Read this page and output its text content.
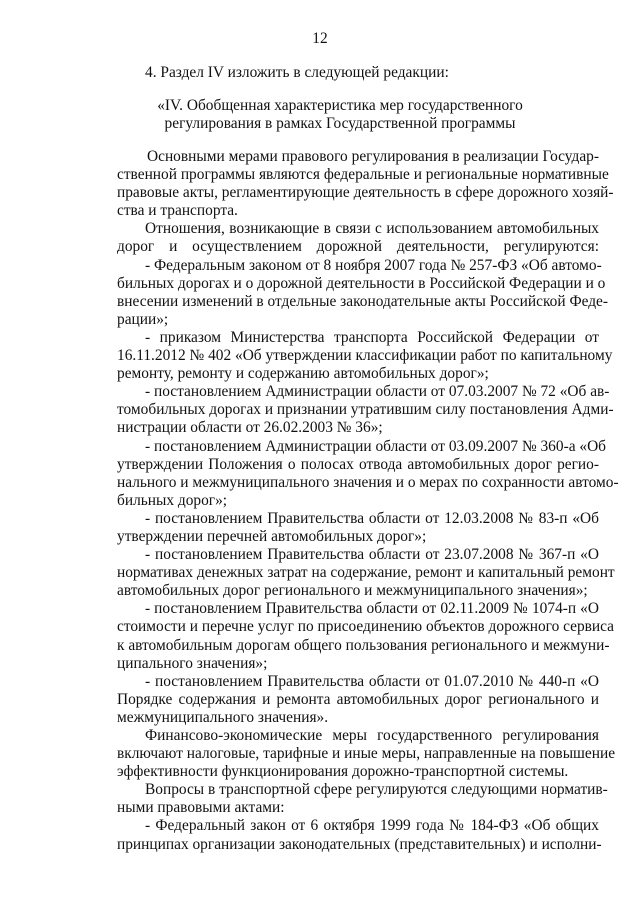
12
4. Раздел IV изложить в следующей редакции:
«IV. Обобщенная характеристика мер государственного
регулирования в рамках Государственной программы
Основными мерами правового регулирования в реализации Государ-
ственной программы являются федеральные и региональные нормативные
правовые акты, регламентирующие деятельность в сфере дорожного хозяй-
ства и транспорта.
Отношения, возникающие в связи с использованием автомобильных
дорог и осуществлением дорожной деятельности, регулируются:
- Федеральным законом от 8 ноября 2007 года № 257-ФЗ «Об автомо-
бильных дорогах и о дорожной деятельности в Российской Федерации и о
внесении изменений в отдельные законодательные акты Российской Феде-
рации»;
- приказом Министерства транспорта Российской Федерации от
16.11.2012 № 402 «Об утверждении классификации работ по капитальному
ремонту, ремонту и содержанию автомобильных дорог»;
- постановлением Администрации области от 07.03.2007 № 72 «Об ав-
томобильных дорогах и признании утратившим силу постановления Адми-
нистрации области от 26.02.2003 № 36»;
- постановлением Администрации области от 03.09.2007 № 360-а «Об
утверждении Положения о полосах отвода автомобильных дорог регио-
нального и межмуниципального значения и о мерах по сохранности автомо-
бильных дорог»;
- постановлением Правительства области от 12.03.2008 № 83-п «Об
утверждении перечней автомобильных дорог»;
- постановлением Правительства области от 23.07.2008 № 367-п «О
нормативах денежных затрат на содержание, ремонт и капитальный ремонт
автомобильных дорог регионального и межмуниципального значения»;
- постановлением Правительства области от 02.11.2009 № 1074-п «О
стоимости и перечне услуг по присоединению объектов дорожного сервиса
к автомобильным дорогам общего пользования регионального и межмуни-
ципального значения»;
- постановлением Правительства области от 01.07.2010 № 440-п «О
Порядке содержания и ремонта автомобильных дорог регионального и
межмуниципального значения».
Финансово-экономические меры государственного регулирования
включают налоговые, тарифные и иные меры, направленные на повышение
эффективности функционирования дорожно-транспортной системы.
Вопросы в транспортной сфере регулируются следующими норматив-
ными правовыми актами:
- Федеральный закон от 6 октября 1999 года № 184-ФЗ «Об общих
принципах организации законодательных (представительных) и исполни-
